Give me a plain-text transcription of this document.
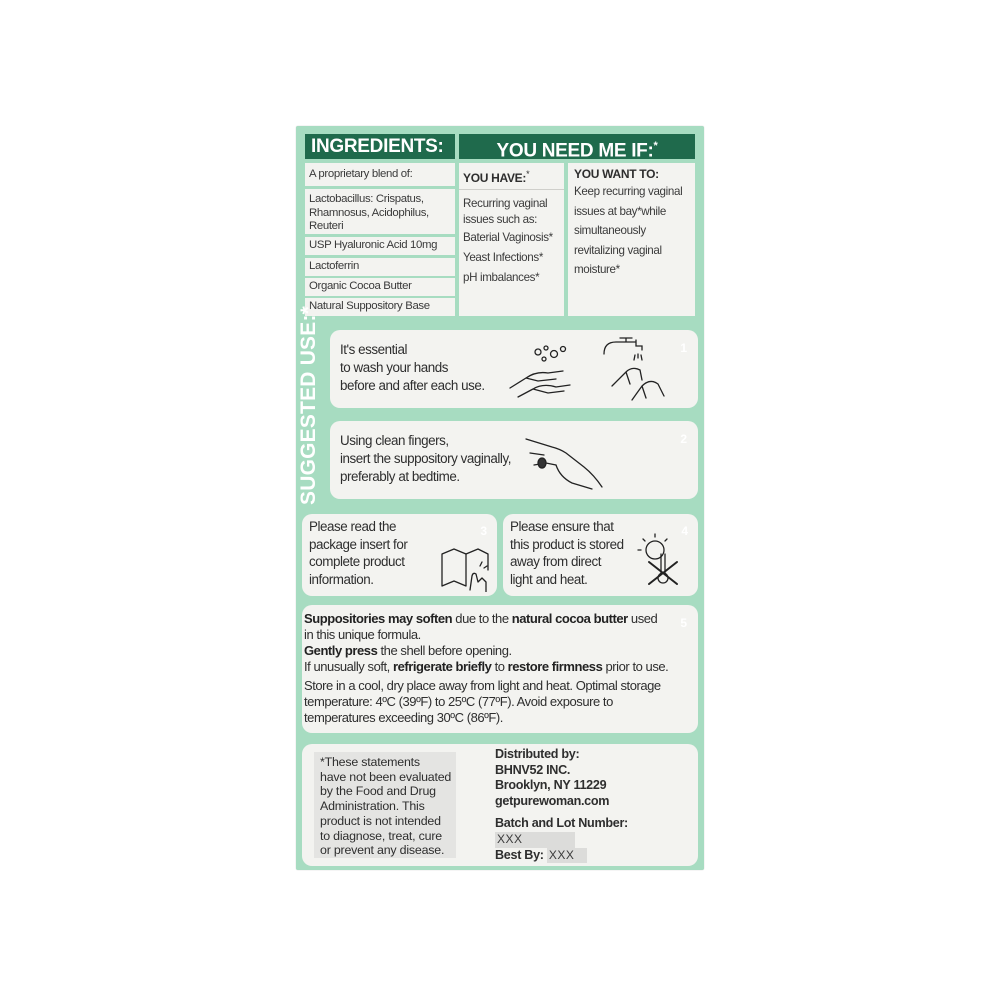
INGREDIENTS:	YOU NEED ME IF:*
A proprietary blend of:
Lactobacillus: Crispatus,
Rhamnosus, Acidophilus,
Reuteri
USP Hyaluronic Acid 10mg
Lactoferrin
Organic Cocoa Butter
Natural Suppository Base
YOU HAVE:*
Recurring vaginal
issues such as:
Baterial Vaginosis*
Yeast Infections*
pH imbalances*
YOU WANT TO:
Keep recurring vaginal
issues at bay*while
simultaneously
revitalizing vaginal
moisture*
SUGGESTED USE:*	1
It's essential
to wash your hands
before and after each use.
2
Using clean fingers,
insert the suppository vaginally,
preferably at bedtime.
3
Please read the
package insert for
complete product
information.
4
Please ensure that
this product is stored
away from direct
light and heat.
5
Suppositories may soften due to the natural cocoa butter used
in this unique formula.
Gently press the shell before opening.
If unusually soft, refrigerate briefly to restore firmness prior to use.
Store in a cool, dry place away from light and heat. Optimal storage
temperature: 4ºC (39ºF) to 25ºC (77ºF). Avoid exposure to
temperatures exceeding 30ºC (86ºF).
*These statements
have not been evaluated
by the Food and Drug
Administration. This
product is not intended
to diagnose, treat, cure
or prevent any disease.
Distributed by:
BHNV52 INC.
Brooklyn, NY 11229
getpurewoman.com
Batch and Lot Number:
XXX
Best By: XXX
